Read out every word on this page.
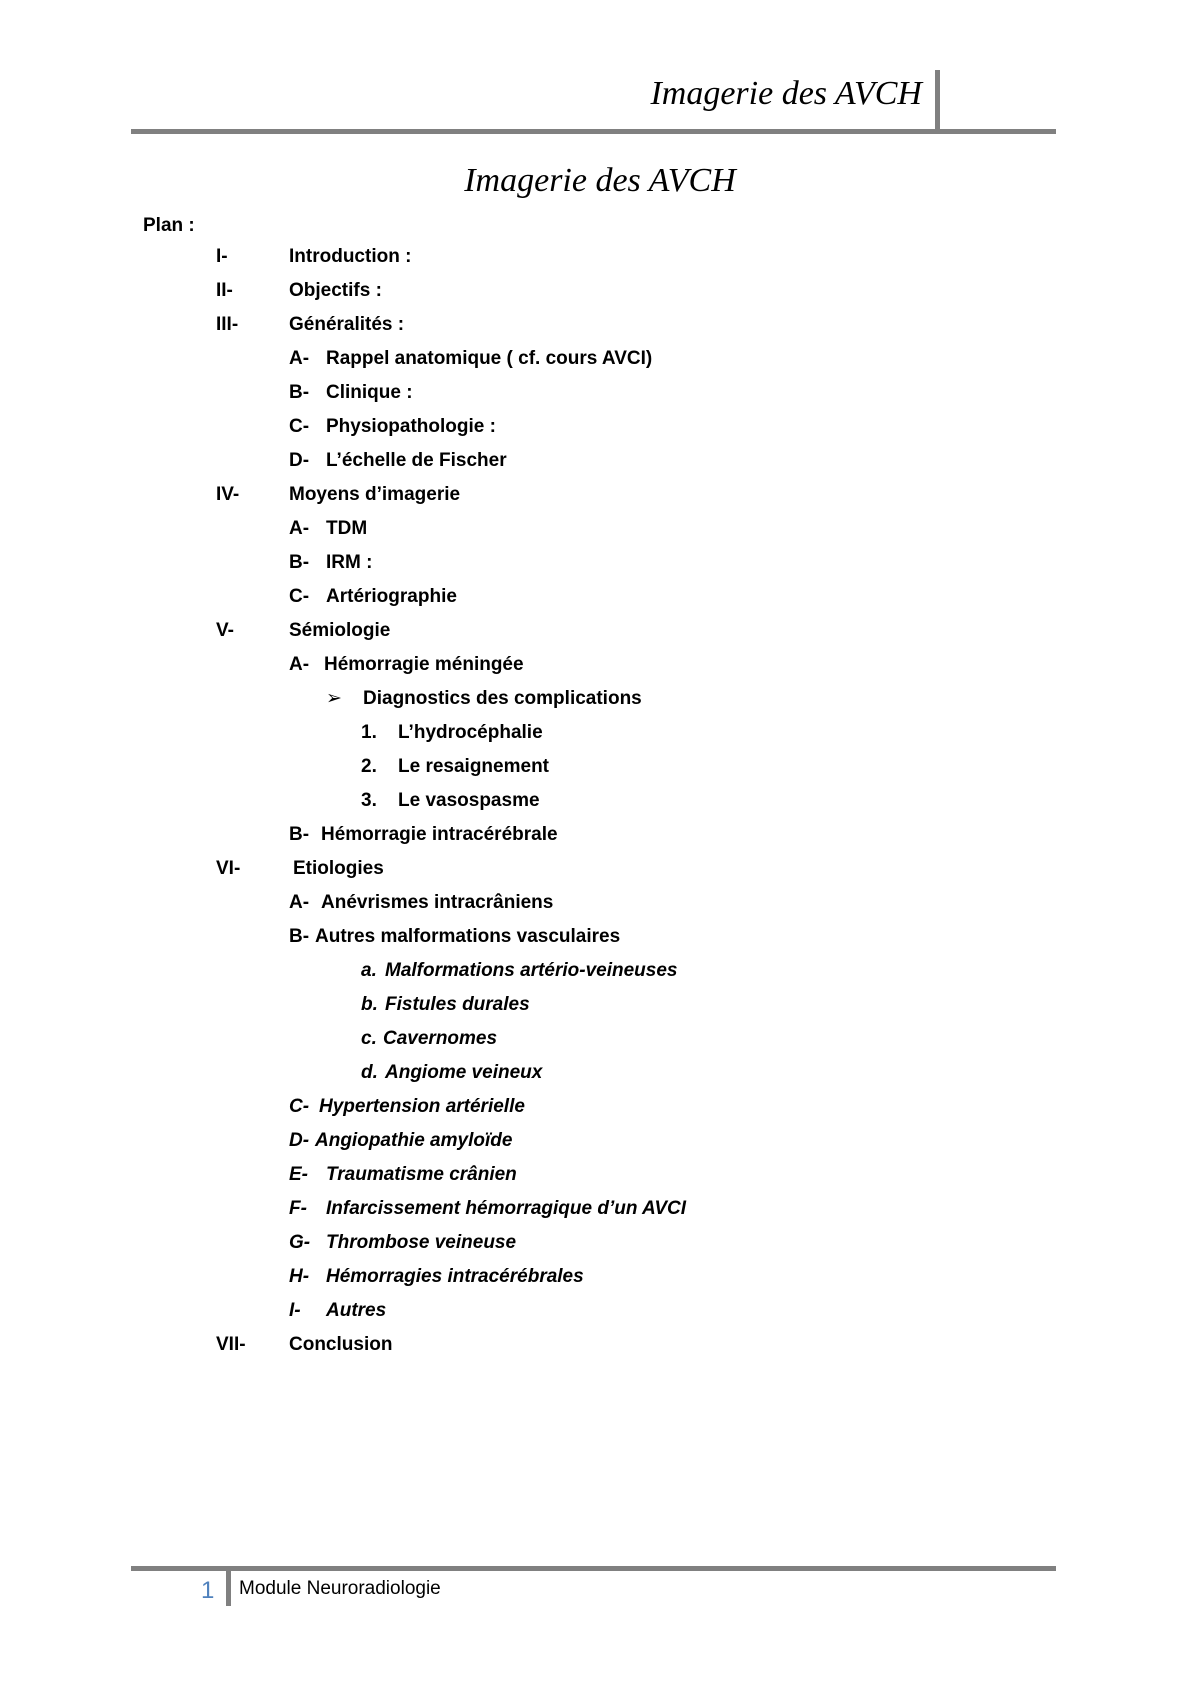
Imagerie des AVCH
Imagerie des AVCH
Plan :
I-	Introduction :
II-	Objectifs :
III-	Généralités :
A- Rappel anatomique ( cf. cours AVCI)
B- Clinique :
C- Physiopathologie :
D- L’échelle de Fischer
IV-	Moyens d’imagerie
A- TDM
B- IRM :
C- Artériographie
V-	Sémiologie
A- Hémorragie méningée
➢ Diagnostics des complications
1. L’hydrocéphalie
2. Le resaignement
3. Le vasospasme
B- Hémorragie intracérébrale
VI-	Etiologies
A- Anévrismes intracrâniens
B- Autres malformations vasculaires
a. Malformations artério-veineuses
b. Fistules durales
c. Cavernomes
d. Angiome veineux
C- Hypertension artérielle
D- Angiopathie amyloïde
E- Traumatisme crânien
F- Infarcissement hémorragique d’un AVCI
G- Thrombose veineuse
H- Hémorragies intracérébrales
I- Autres
VII- Conclusion
1 Module Neuroradiologie
